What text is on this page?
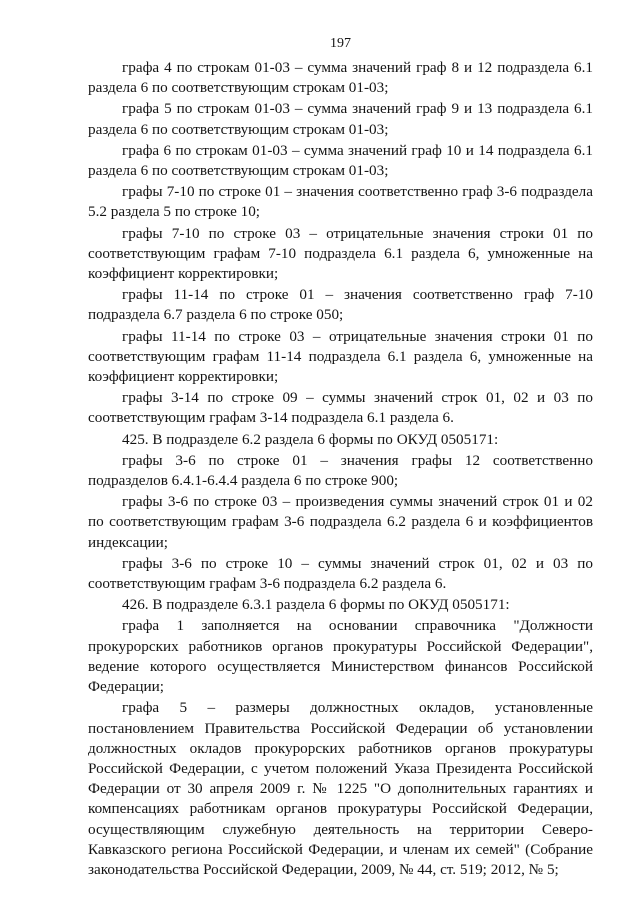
197

графа 4 по строкам 01-03 – сумма значений граф 8 и 12 подраздела 6.1 раздела 6 по соответствующим строкам 01-03;

графа 5 по строкам 01-03 – сумма значений граф 9 и 13 подраздела 6.1 раздела 6 по соответствующим строкам 01-03;

графа 6 по строкам 01-03 – сумма значений граф 10 и 14 подраздела 6.1 раздела 6 по соответствующим строкам 01-03;

графы 7-10 по строке 01 – значения соответственно граф 3-6 подраздела 5.2 раздела 5 по строке 10;

графы 7-10 по строке 03 – отрицательные значения строки 01 по соответствующим графам 7-10 подраздела 6.1 раздела 6, умноженные на коэффициент корректировки;

графы 11-14 по строке 01 – значения соответственно граф 7-10 подраздела 6.7 раздела 6 по строке 050;

графы 11-14 по строке 03 – отрицательные значения строки 01 по соответствующим графам 11-14 подраздела 6.1 раздела 6, умноженные на коэффициент корректировки;

графы 3-14 по строке 09 – суммы значений строк 01, 02 и 03 по соответствующим графам 3-14 подраздела 6.1 раздела 6.

425. В подразделе 6.2 раздела 6 формы по ОКУД 0505171:

графы 3-6 по строке 01 – значения графы 12 соответственно подразделов 6.4.1-6.4.4 раздела 6 по строке 900;

графы 3-6 по строке 03 – произведения суммы значений строк 01 и 02 по соответствующим графам 3-6 подраздела 6.2 раздела 6 и коэффициентов индексации;

графы 3-6 по строке 10 – суммы значений строк 01, 02 и 03 по соответствующим графам 3-6 подраздела 6.2 раздела 6.

426. В подразделе 6.3.1 раздела 6 формы по ОКУД 0505171:

графа 1 заполняется на основании справочника "Должности прокурорских работников органов прокуратуры Российской Федерации", ведение которого осуществляется Министерством финансов Российской Федерации;

графа 5 – размеры должностных окладов, установленные постановлением Правительства Российской Федерации об установлении должностных окладов прокурорских работников органов прокуратуры Российской Федерации, с учетом положений Указа Президента Российской Федерации от 30 апреля 2009 г. № 1225 "О дополнительных гарантиях и компенсациях работникам органов прокуратуры Российской Федерации, осуществляющим служебную деятельность на территории Северо-Кавказского региона Российской Федерации, и членам их семей" (Собрание законодательства Российской Федерации, 2009, № 44, ст. 519; 2012, № 5;
